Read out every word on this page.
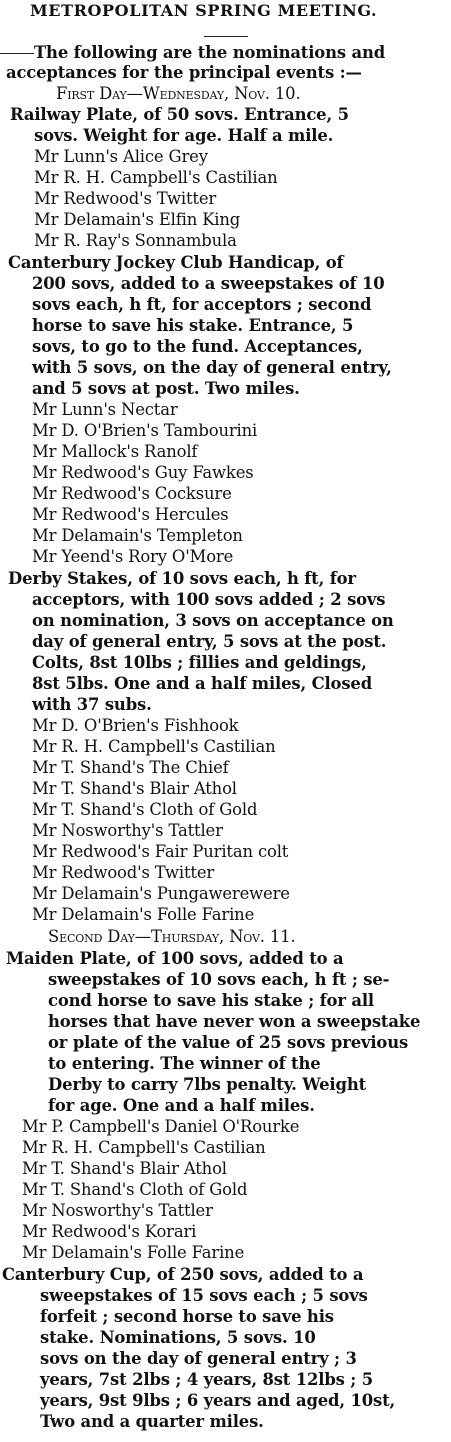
METROPOLITAN SPRING MEETING.
The following are the nominations and
acceptances for the principal events :—
First Day—Wednesday, Nov. 10.
Railway Plate, of 50 sovs. Entrance, 5
sovs. Weight for age. Half a mile.
Mr Lunn's Alice Grey
Mr R. H. Campbell's Castilian
Mr Redwood's Twitter
Mr Delamain's Elfin King
Mr R. Ray's Sonnambula
Canterbury Jockey Club Handicap, of
200 sovs, added to a sweepstakes of 10
sovs each, h ft, for acceptors ; second
horse to save his stake. Entrance, 5
sovs, to go to the fund. Acceptances,
with 5 sovs, on the day of general entry,
and 5 sovs at post. Two miles.
Mr Lunn's Nectar
Mr D. O'Brien's Tambourini
Mr Mallock's Ranolf
Mr Redwood's Guy Fawkes
Mr Redwood's Cocksure
Mr Redwood's Hercules
Mr Delamain's Templeton
Mr Yeend's Rory O'More
Derby Stakes, of 10 sovs each, h ft, for
acceptors, with 100 sovs added ; 2 sovs
on nomination, 3 sovs on acceptance on
day of general entry, 5 sovs at the post.
Colts, 8st 10lbs ; fillies and geldings,
8st 5lbs. One and a half miles, Closed
with 37 subs.
Mr D. O'Brien's Fishhook
Mr R. H. Campbell's Castilian
Mr T. Shand's The Chief
Mr T. Shand's Blair Athol
Mr T. Shand's Cloth of Gold
Mr Nosworthy's Tattler
Mr Redwood's Fair Puritan colt
Mr Redwood's Twitter
Mr Delamain's Pungawerewere
Mr Delamain's Folle Farine
Second Day—Thursday, Nov. 11.
Maiden Plate, of 100 sovs, added to a
sweepstakes of 10 sovs each, h ft ; se-
cond horse to save his stake ; for all
horses that have never won a sweepstake
or plate of the value of 25 sovs previous
to entering. The winner of the
Derby to carry 7lbs penalty. Weight
for age. One and a half miles.
Mr P. Campbell's Daniel O'Rourke
Mr R. H. Campbell's Castilian
Mr T. Shand's Blair Athol
Mr T. Shand's Cloth of Gold
Mr Nosworthy's Tattler
Mr Redwood's Korari
Mr Delamain's Folle Farine
Canterbury Cup, of 250 sovs, added to a
sweepstakes of 15 sovs each ; 5 sovs
forfeit ; second horse to save his
stake. Nominations, 5 sovs. 10
sovs on the day of general entry ; 3
years, 7st 2lbs ; 4 years, 8st 12lbs ; 5
years, 9st 9lbs ; 6 years and aged, 10st,
Two and a quarter miles.
